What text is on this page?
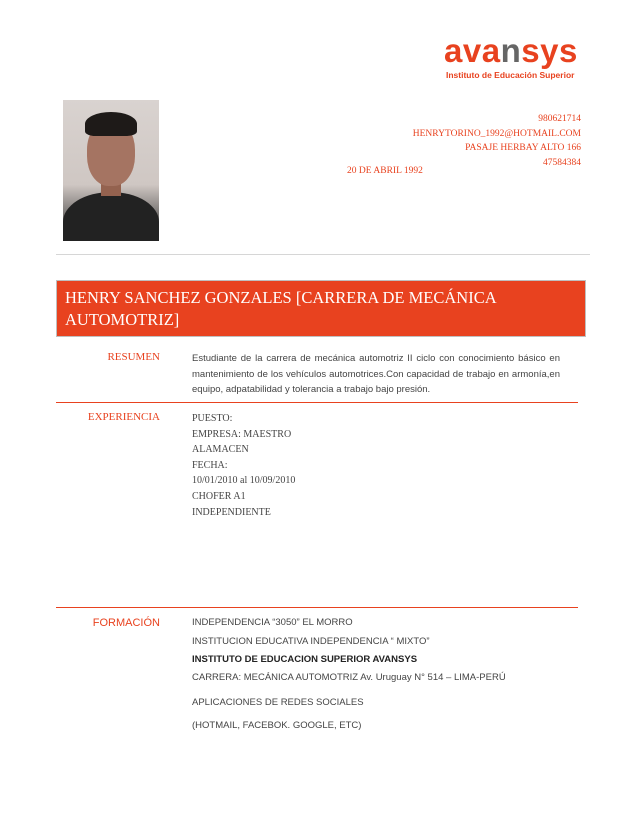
avansys
Instituto de Educación Superior
980621714
HENRYTORINO_1992@HOTMAIL.COM
PASAJE HERBAY ALTO 166
47584384
20 DE ABRIL 1992
HENRY SANCHEZ GONZALES [CARRERA DE MECÁNICA AUTOMOTRIZ]
RESUMEN	Estudiante de la carrera de mecánica automotriz II ciclo con conocimiento básico en mantenimiento de los vehículos automotrices.Con capacidad de trabajo en armonía,en equipo, adpatabilidad y tolerancia a trabajo bajo presión.
EXPERIENCIA	PUESTO:
EMPRESA: MAESTRO
ALAMACEN
FECHA:
10/01/2010 al 10/09/2010
CHOFER A1
INDEPENDIENTE
FORMACIÓN	INDEPENDENCIA “3050” EL MORRO
INSTITUCION EDUCATIVA INDEPENDENCIA “ MIXTO”
INSTITUTO DE EDUCACION SUPERIOR AVANSYS
CARRERA: MECÁNICA AUTOMOTRIZ Av. Uruguay N° 514 – LIMA-PERÚ
APLICACIONES DE REDES SOCIALES
(HOTMAIL, FACEBOK. GOOGLE, ETC)
